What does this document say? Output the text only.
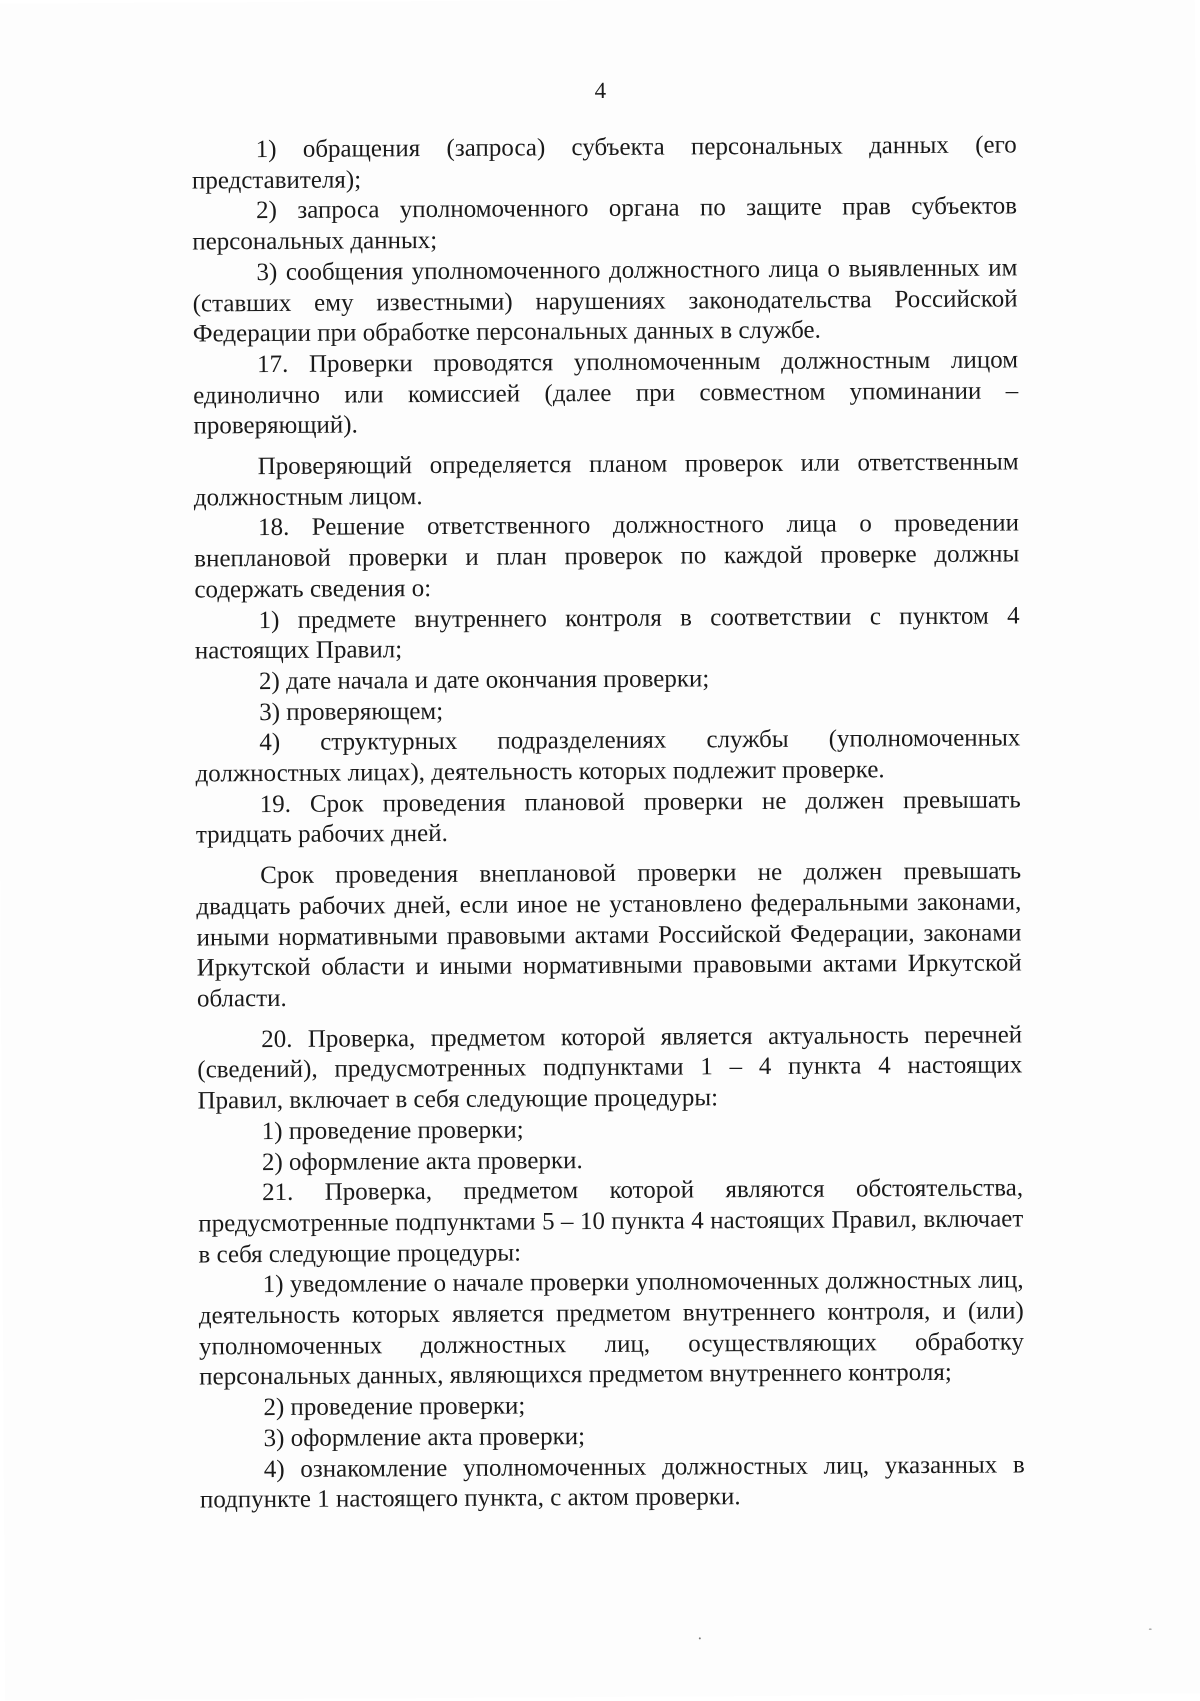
4

1) обращения (запроса) субъекта персональных данных (его представителя);

2) запроса уполномоченного органа по защите прав субъектов персональных данных;

3) сообщения уполномоченного должностного лица о выявленных им (ставших ему известными) нарушениях законодательства Российской Федерации при обработке персональных данных в службе.

17. Проверки проводятся уполномоченным должностным лицом единолично или комиссией (далее при совместном упоминании – проверяющий).

Проверяющий определяется планом проверок или ответственным должностным лицом.

18. Решение ответственного должностного лица о проведении внеплановой проверки и план проверок по каждой проверке должны содержать сведения о:

1) предмете внутреннего контроля в соответствии с пунктом 4 настоящих Правил;

2) дате начала и дате окончания проверки;

3) проверяющем;

4) структурных подразделениях службы (уполномоченных должностных лицах), деятельность которых подлежит проверке.

19. Срок проведения плановой проверки не должен превышать тридцать рабочих дней.

Срок проведения внеплановой проверки не должен превышать двадцать рабочих дней, если иное не установлено федеральными законами, иными нормативными правовыми актами Российской Федерации, законами Иркутской области и иными нормативными правовыми актами Иркутской области.

20. Проверка, предметом которой является актуальность перечней (сведений), предусмотренных подпунктами 1 – 4 пункта 4 настоящих Правил, включает в себя следующие процедуры:

1) проведение проверки;

2) оформление акта проверки.

21. Проверка, предметом которой являются обстоятельства, предусмотренные подпунктами 5 – 10 пункта 4 настоящих Правил, включает в себя следующие процедуры:

1) уведомление о начале проверки уполномоченных должностных лиц, деятельность которых является предметом внутреннего контроля, и (или) уполномоченных должностных лиц, осуществляющих обработку персональных данных, являющихся предметом внутреннего контроля;

2) проведение проверки;

3) оформление акта проверки;

4) ознакомление уполномоченных должностных лиц, указанных в подпункте 1 настоящего пункта, с актом проверки.
